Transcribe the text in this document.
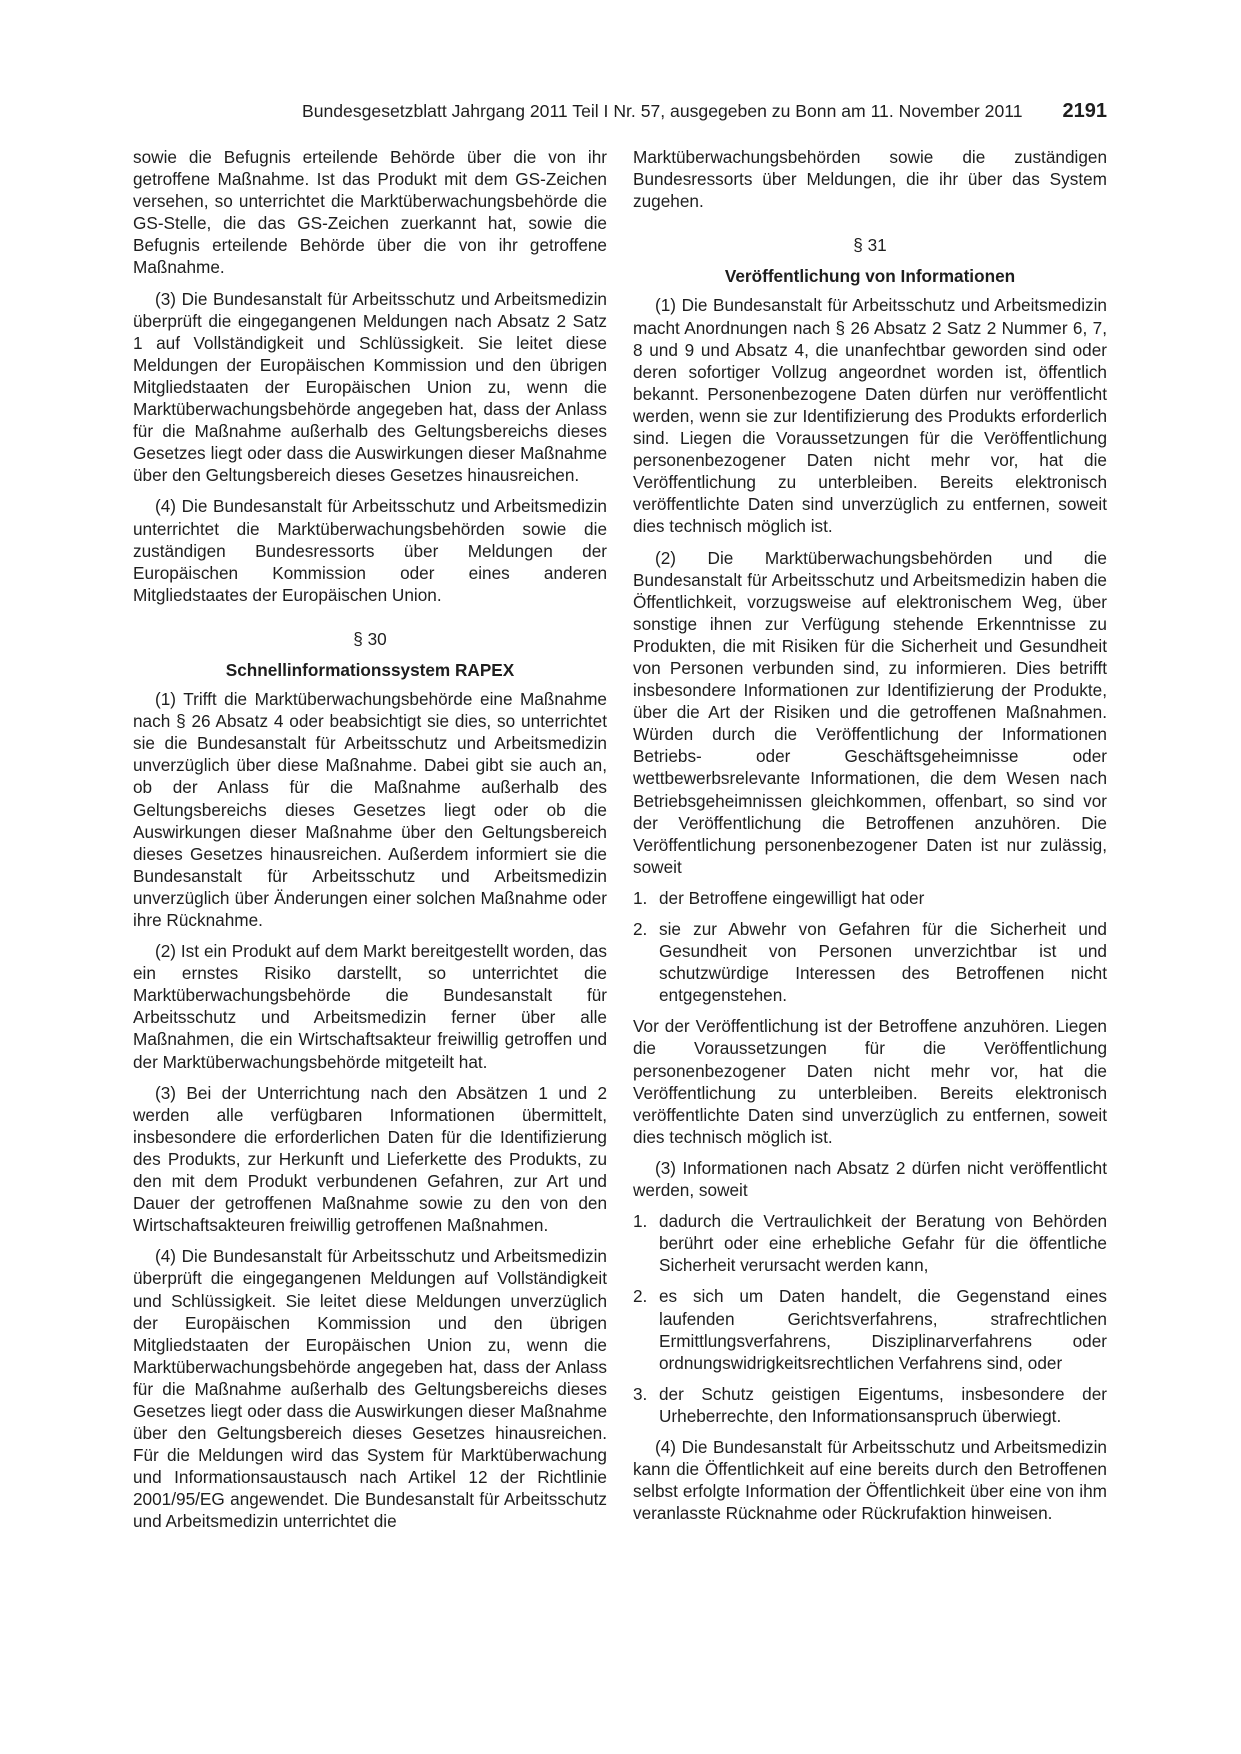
Bundesgesetzblatt Jahrgang 2011 Teil I Nr. 57, ausgegeben zu Bonn am 11. November 2011 2191

sowie die Befugnis erteilende Behörde über die von ihr getroffene Maßnahme. Ist das Produkt mit dem GS-Zeichen versehen, so unterrichtet die Marktüberwachungsbehörde die GS-Stelle, die das GS-Zeichen zuerkannt hat, sowie die Befugnis erteilende Behörde über die von ihr getroffene Maßnahme.

(3) Die Bundesanstalt für Arbeitsschutz und Arbeitsmedizin überprüft die eingegangenen Meldungen nach Absatz 2 Satz 1 auf Vollständigkeit und Schlüssigkeit. Sie leitet diese Meldungen der Europäischen Kommission und den übrigen Mitgliedstaaten der Europäischen Union zu, wenn die Marktüberwachungsbehörde angegeben hat, dass der Anlass für die Maßnahme außerhalb des Geltungsbereichs dieses Gesetzes liegt oder dass die Auswirkungen dieser Maßnahme über den Geltungsbereich dieses Gesetzes hinausreichen.

(4) Die Bundesanstalt für Arbeitsschutz und Arbeitsmedizin unterrichtet die Marktüberwachungsbehörden sowie die zuständigen Bundesressorts über Meldungen der Europäischen Kommission oder eines anderen Mitgliedstaates der Europäischen Union.

§ 30
Schnellinformationssystem RAPEX

(1) Trifft die Marktüberwachungsbehörde eine Maßnahme nach § 26 Absatz 4 oder beabsichtigt sie dies, so unterrichtet sie die Bundesanstalt für Arbeitsschutz und Arbeitsmedizin unverzüglich über diese Maßnahme. Dabei gibt sie auch an, ob der Anlass für die Maßnahme außerhalb des Geltungsbereichs dieses Gesetzes liegt oder ob die Auswirkungen dieser Maßnahme über den Geltungsbereich dieses Gesetzes hinausreichen. Außerdem informiert sie die Bundesanstalt für Arbeitsschutz und Arbeitsmedizin unverzüglich über Änderungen einer solchen Maßnahme oder ihre Rücknahme.

(2) Ist ein Produkt auf dem Markt bereitgestellt worden, das ein ernstes Risiko darstellt, so unterrichtet die Marktüberwachungsbehörde die Bundesanstalt für Arbeitsschutz und Arbeitsmedizin ferner über alle Maßnahmen, die ein Wirtschaftsakteur freiwillig getroffen und der Marktüberwachungsbehörde mitgeteilt hat.

(3) Bei der Unterrichtung nach den Absätzen 1 und 2 werden alle verfügbaren Informationen übermittelt, insbesondere die erforderlichen Daten für die Identifizierung des Produkts, zur Herkunft und Lieferkette des Produkts, zu den mit dem Produkt verbundenen Gefahren, zur Art und Dauer der getroffenen Maßnahme sowie zu den von den Wirtschaftsakteuren freiwillig getroffenen Maßnahmen.

(4) Die Bundesanstalt für Arbeitsschutz und Arbeitsmedizin überprüft die eingegangenen Meldungen auf Vollständigkeit und Schlüssigkeit. Sie leitet diese Meldungen unverzüglich der Europäischen Kommission und den übrigen Mitgliedstaaten der Europäischen Union zu, wenn die Marktüberwachungsbehörde angegeben hat, dass der Anlass für die Maßnahme außerhalb des Geltungsbereichs dieses Gesetzes liegt oder dass die Auswirkungen dieser Maßnahme über den Geltungsbereich dieses Gesetzes hinausreichen. Für die Meldungen wird das System für Marktüberwachung und Informationsaustausch nach Artikel 12 der Richtlinie 2001/95/EG angewendet. Die Bundesanstalt für Arbeitsschutz und Arbeitsmedizin unterrichtet die

Marktüberwachungsbehörden sowie die zuständigen Bundesressorts über Meldungen, die ihr über das System zugehen.

§ 31
Veröffentlichung von Informationen

(1) Die Bundesanstalt für Arbeitsschutz und Arbeitsmedizin macht Anordnungen nach § 26 Absatz 2 Satz 2 Nummer 6, 7, 8 und 9 und Absatz 4, die unanfechtbar geworden sind oder deren sofortiger Vollzug angeordnet worden ist, öffentlich bekannt. Personenbezogene Daten dürfen nur veröffentlicht werden, wenn sie zur Identifizierung des Produkts erforderlich sind. Liegen die Voraussetzungen für die Veröffentlichung personenbezogener Daten nicht mehr vor, hat die Veröffentlichung zu unterbleiben. Bereits elektronisch veröffentlichte Daten sind unverzüglich zu entfernen, soweit dies technisch möglich ist.

(2) Die Marktüberwachungsbehörden und die Bundesanstalt für Arbeitsschutz und Arbeitsmedizin haben die Öffentlichkeit, vorzugsweise auf elektronischem Weg, über sonstige ihnen zur Verfügung stehende Erkenntnisse zu Produkten, die mit Risiken für die Sicherheit und Gesundheit von Personen verbunden sind, zu informieren. Dies betrifft insbesondere Informationen zur Identifizierung der Produkte, über die Art der Risiken und die getroffenen Maßnahmen. Würden durch die Veröffentlichung der Informationen Betriebs- oder Geschäftsgeheimnisse oder wettbewerbsrelevante Informationen, die dem Wesen nach Betriebsgeheimnissen gleichkommen, offenbart, so sind vor der Veröffentlichung die Betroffenen anzuhören. Die Veröffentlichung personenbezogener Daten ist nur zulässig, soweit

1. der Betroffene eingewilligt hat oder
2. sie zur Abwehr von Gefahren für die Sicherheit und Gesundheit von Personen unverzichtbar ist und schutzwürdige Interessen des Betroffenen nicht entgegenstehen.

Vor der Veröffentlichung ist der Betroffene anzuhören. Liegen die Voraussetzungen für die Veröffentlichung personenbezogener Daten nicht mehr vor, hat die Veröffentlichung zu unterbleiben. Bereits elektronisch veröffentlichte Daten sind unverzüglich zu entfernen, soweit dies technisch möglich ist.

(3) Informationen nach Absatz 2 dürfen nicht veröffentlicht werden, soweit

1. dadurch die Vertraulichkeit der Beratung von Behörden berührt oder eine erhebliche Gefahr für die öffentliche Sicherheit verursacht werden kann,
2. es sich um Daten handelt, die Gegenstand eines laufenden Gerichtsverfahrens, strafrechtlichen Ermittlungsverfahrens, Disziplinarverfahrens oder ordnungswidrigkeitsrechtlichen Verfahrens sind, oder
3. der Schutz geistigen Eigentums, insbesondere der Urheberrechte, den Informationsanspruch überwiegt.

(4) Die Bundesanstalt für Arbeitsschutz und Arbeitsmedizin kann die Öffentlichkeit auf eine bereits durch den Betroffenen selbst erfolgte Information der Öffentlichkeit über eine von ihm veranlasste Rücknahme oder Rückrufaktion hinweisen.
